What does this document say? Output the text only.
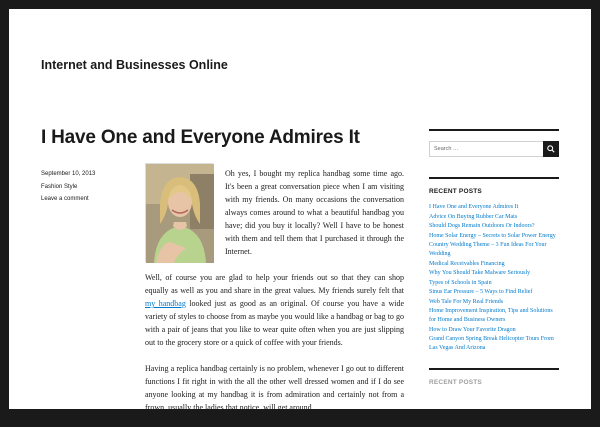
Internet and Businesses Online
I Have One and Everyone Admires It
September 10, 2013
Fashion Style
Leave a comment

Oh yes, I bought my replica handbag some time ago. It's been a great conversation piece when I am visiting with my friends. On many occasions the conversation always comes around to what a beautiful handbag you have; did you buy it locally? Well I have to be honest with them and tell them that I purchased it through the Internet.

Well, of course you are glad to help your friends out so that they can shop equally as well as you and share in the great values. My friends surely felt that my handbag looked just as good as an original. Of course you have a wide variety of styles to choose from as maybe you would like a handbag or bag to go with a pair of jeans that you like to wear quite often when you are just slipping out to the grocery store or a quick of coffee with your friends.

Having a replica handbag certainly is no problem, whenever I go out to different functions I fit right in with the all the other well dressed women and if I do see anyone looking at my handbag it is from admiration and certainly not from a frown, usually the ladies that notice, will get around

Search …
RECENT POSTS
I Have One and Everyone Admires It
Advice On Buying Rubber Car Mats
Should Dogs Remain Outdoors Or Indoors?
Home Solar Energy – Secrets to Solar Power Energy
Country Wedding Theme – 3 Fun Ideas For Your Wedding
Medical Receivables Financing
Why You Should Take Malware Seriously
Types of Schools in Spain
Sinus Ear Pressure – 5 Ways to Find Relief
Web Tale For My Real Friends
Home Improvement Inspiration, Tips and Solutions for Home and Business Owners
How to Draw Your Favorite Dragon
Grand Canyon Spring Break Helicopter Tours From Las Vegas And Arizona
RECENT POSTS
